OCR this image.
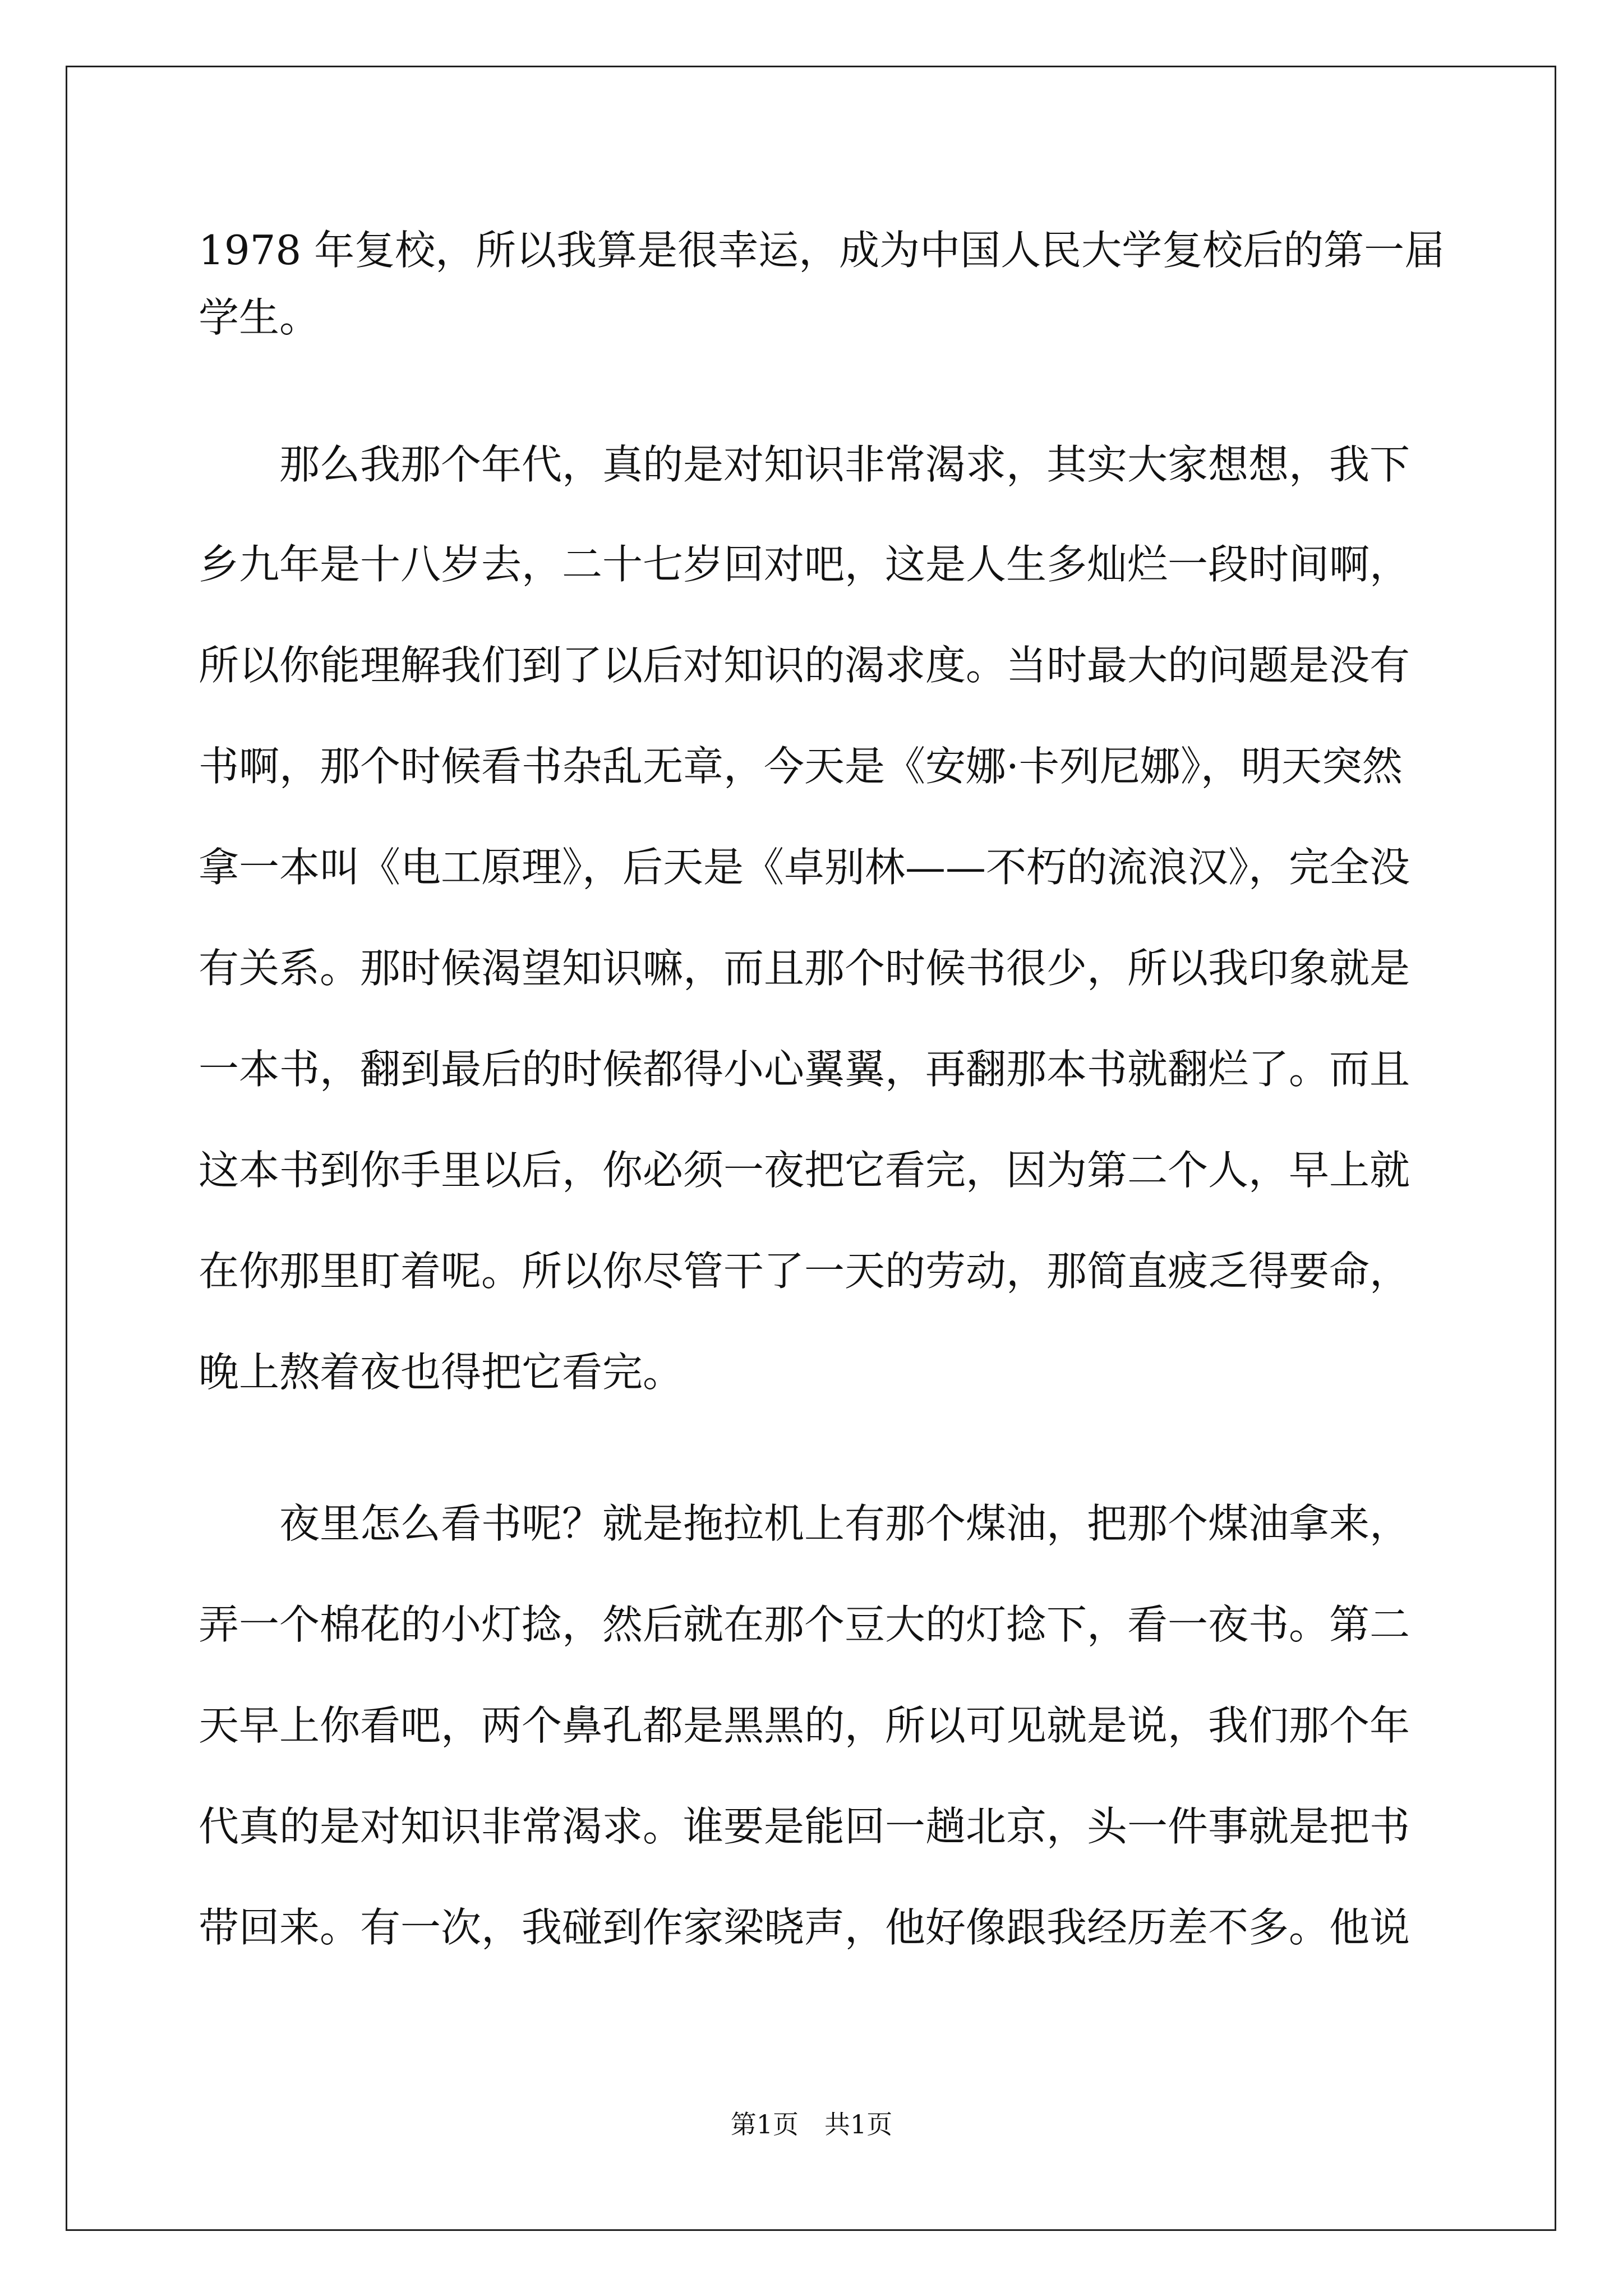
1978 年复校，所以我算是很幸运，成为中国人民大学复校后的第一届
学生。
　　那么我那个年代，真的是对知识非常渴求，其实大家想想，我下
乡九年是十八岁去，二十七岁回对吧，这是人生多灿烂一段时间啊，
所以你能理解我们到了以后对知识的渴求度。当时最大的问题是没有
书啊，那个时候看书杂乱无章，今天是《安娜·卡列尼娜》，明天突然
拿一本叫《电工原理》，后天是《卓别林——不朽的流浪汉》，完全没
有关系。那时候渴望知识嘛，而且那个时候书很少，所以我印象就是
一本书，翻到最后的时候都得小心翼翼，再翻那本书就翻烂了。而且
这本书到你手里以后，你必须一夜把它看完，因为第二个人，早上就
在你那里盯着呢。所以你尽管干了一天的劳动，那简直疲乏得要命，
晚上熬着夜也得把它看完。
　　夜里怎么看书呢？就是拖拉机上有那个煤油，把那个煤油拿来，
弄一个棉花的小灯捻，然后就在那个豆大的灯捻下，看一夜书。第二
天早上你看吧，两个鼻孔都是黑黑的，所以可见就是说，我们那个年
代真的是对知识非常渴求。谁要是能回一趟北京，头一件事就是把书
带回来。有一次，我碰到作家梁晓声，他好像跟我经历差不多。他说
第1页　共1页
